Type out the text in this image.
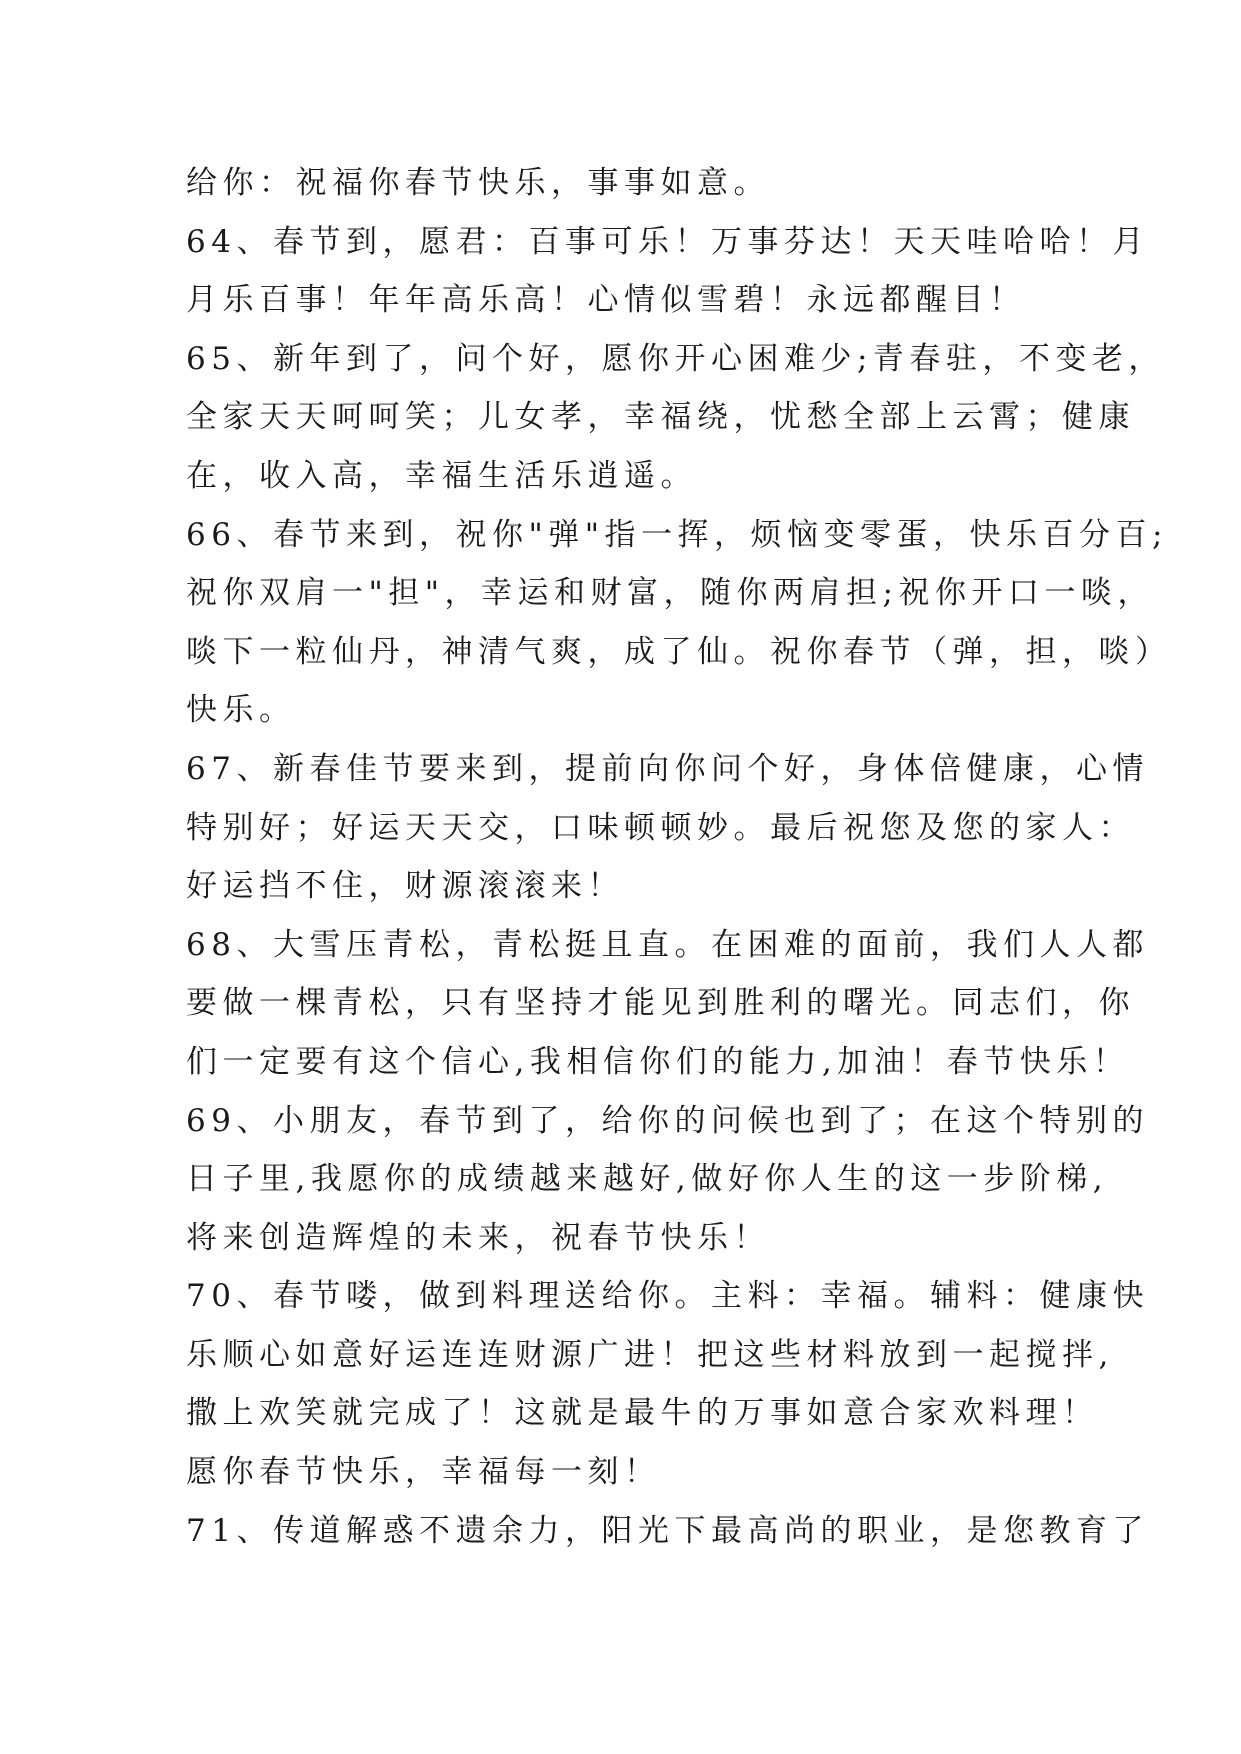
给你：祝福你春节快乐，事事如意。
64、春节到，愿君：百事可乐！万事芬达！天天哇哈哈！月
月乐百事！年年高乐高！心情似雪碧！永远都醒目！
65、新年到了，问个好，愿你开心困难少;青春驻，不变老，
全家天天呵呵笑；儿女孝，幸福绕，忧愁全部上云霄；健康
在，收入高，幸福生活乐逍遥。
66、春节来到，祝你"弹"指一挥，烦恼变零蛋，快乐百分百;
祝你双肩一"担"，幸运和财富，随你两肩担;祝你开口一啖，
啖下一粒仙丹，神清气爽，成了仙。祝你春节（弹，担，啖）
快乐。
67、新春佳节要来到，提前向你问个好，身体倍健康，心情
特别好；好运天天交，口味顿顿妙。最后祝您及您的家人：
好运挡不住，财源滚滚来！
68、大雪压青松，青松挺且直。在困难的面前，我们人人都
要做一棵青松，只有坚持才能见到胜利的曙光。同志们，你
们一定要有这个信心,我相信你们的能力,加油！春节快乐！
69、小朋友，春节到了，给你的问候也到了；在这个特别的
日子里,我愿你的成绩越来越好,做好你人生的这一步阶梯,
将来创造辉煌的未来，祝春节快乐！
70、春节喽，做到料理送给你。主料：幸福。辅料：健康快
乐顺心如意好运连连财源广进！把这些材料放到一起搅拌,
撒上欢笑就完成了！这就是最牛的万事如意合家欢料理！
愿你春节快乐，幸福每一刻！
71、传道解惑不遗余力，阳光下最高尚的职业，是您教育了
